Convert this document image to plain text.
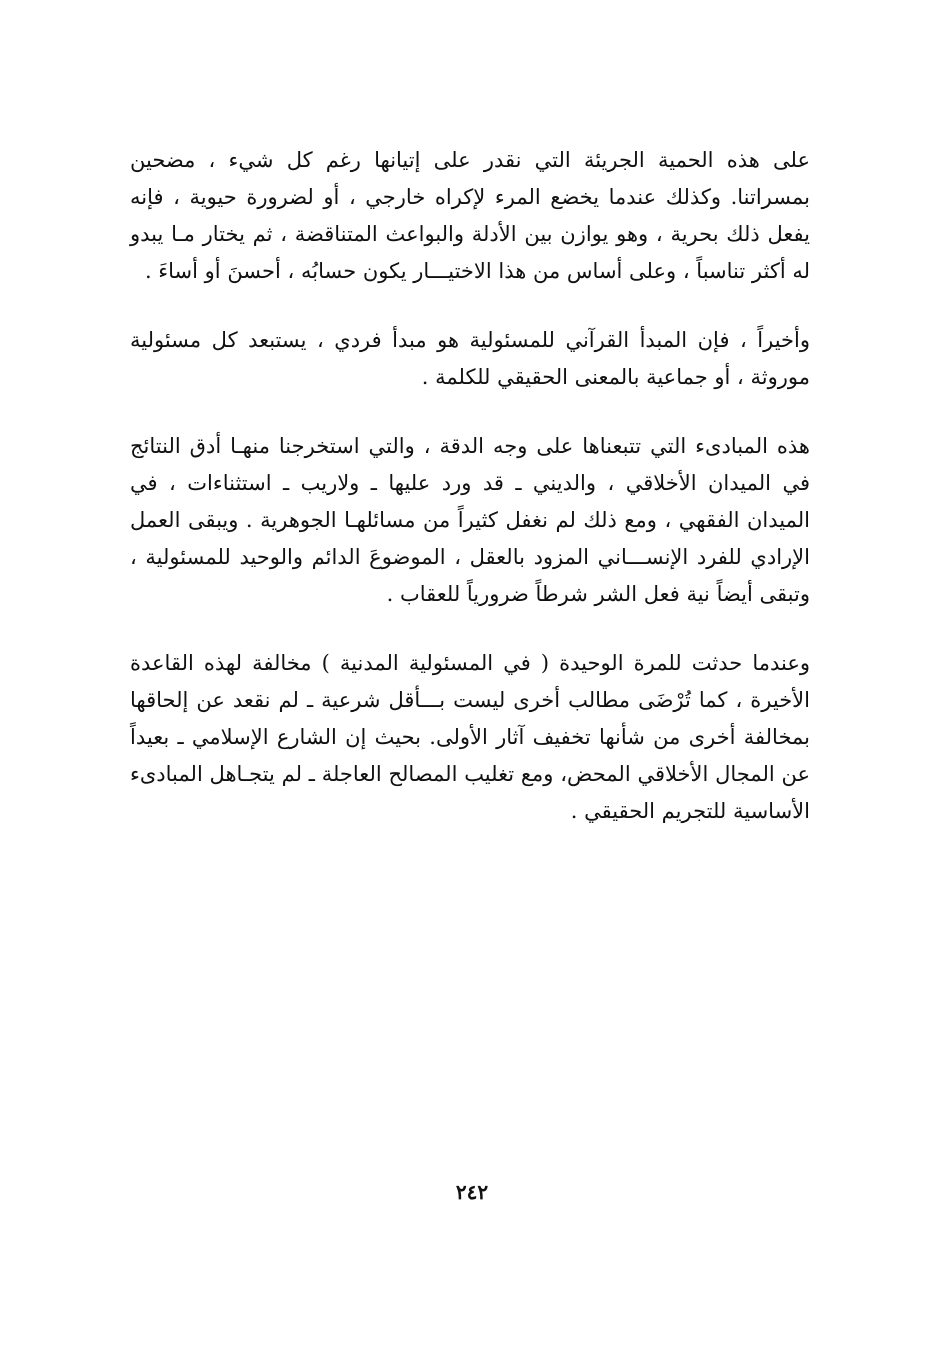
على هذه الحمية الجريئة التي نقدر على إتيانها رغم كل شيء ، مضحين بمسراتنا. وكذلك عندما يخضع المرء لإكراه خارجي ، أو لضرورة حيوية ، فإنه يفعل ذلك بحرية ، وهو يوازن بين الأدلة والبواعث المتناقضة ، ثم يختار مـا يبدو له أكثر تناسباً ، وعلى أساس من هذا الاختيـــار يكون حسابُه ، أحسنَ أو أساءَ .

وأخيراً ، فإن المبدأ القرآني للمسئولية هو مبدأ فردي ، يستبعد كل مسئولية موروثة ، أو جماعية بالمعنى الحقيقي للكلمة .

هذه المبادىء التي تتبعناها على وجه الدقة ، والتي استخرجنا منهـا أدق النتائج في الميدان الأخلاقي ، والديني ـ قد ورد عليها ـ ولاريب ـ استثناءات ، في الميدان الفقهي ، ومع ذلك لم نغفل كثيراً من مسائلهـا الجوهرية . ويبقى العمل الإرادي للفرد الإنســـاني المزود بالعقل ، الموضوعَ الدائم والوحيد للمسئولية ، وتبقى أيضاً نية فعل الشر شرطاً ضرورياً للعقاب .

وعندما حدثت للمرة الوحيدة ( في المسئولية المدنية ) مخالفة لهذه القاعدة الأخيرة ، كما تُرْضَى مطالب أخرى ليست بـــأقل شرعية ـ لم نقعد عن إلحاقها بمخالفة أخرى من شأنها تخفيف آثار الأولى. بحيث إن الشارع الإسلامي ـ بعيداً عن المجال الأخلاقي المحض، ومع تغليب المصالح العاجلة ـ لم يتجـاهل المبادىء الأساسية للتجريم الحقيقي .

٢٤٢
